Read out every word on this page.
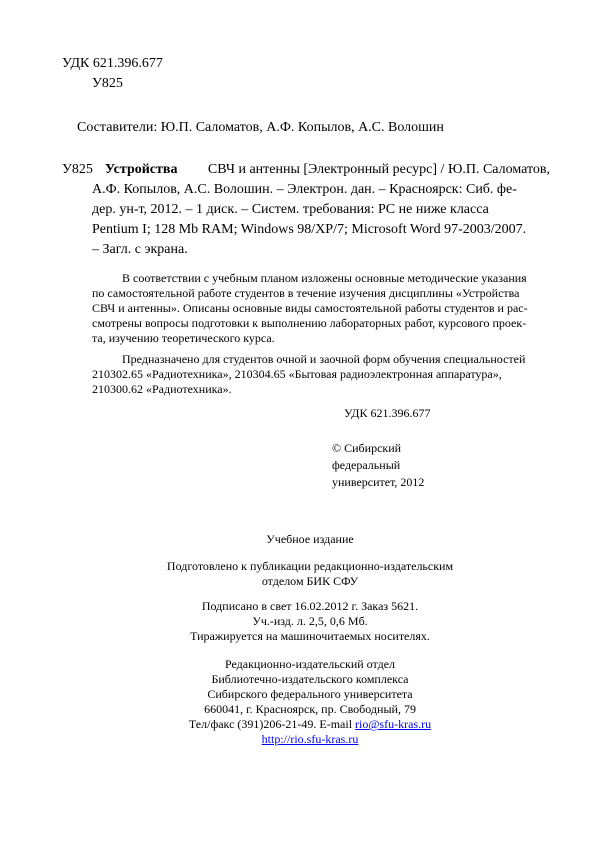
УДК 621.396.677
У825
Составители: Ю.П. Саломатов, А.Ф. Копылов, А.С. Волошин
У825 Устройства СВЧ и антенны [Электронный ресурс] / Ю.П. Саломатов,
А.Ф. Копылов, А.С. Волошин. – Электрон. дан. – Красноярск: Сиб. фе-
дер. ун-т, 2012. – 1 диск. – Систем. требования: PC не ниже класса
Pentium I; 128 Mb RAM; Windows 98/XP/7; Microsoft Word 97-2003/2007.
– Загл. с экрана.
В соответствии с учебным планом изложены основные методические указания
по самостоятельной работе студентов в течение изучения дисциплины «Устройства
СВЧ и антенны». Описаны основные виды самостоятельной работы студентов и рас-
смотрены вопросы подготовки к выполнению лабораторных работ, курсового проек-
та, изучению теоретического курса.
Предназначено для студентов очной и заочной форм обучения специальностей
210302.65 «Радиотехника», 210304.65 «Бытовая радиоэлектронная аппаратура»,
210300.62 «Радиотехника».
УДК 621.396.677
© Сибирский
федеральный
университет, 2012
Учебное издание
Подготовлено к публикации редакционно-издательским
отделом БИК СФУ
Подписано в свет 16.02.2012 г. Заказ 5621.
Уч.-изд. л. 2,5, 0,6 Мб.
Тиражируется на машиночитаемых носителях.
Редакционно-издательский отдел
Библиотечно-издательского комплекса
Сибирского федерального университета
660041, г. Красноярск, пр. Свободный, 79
Тел/факс (391)206-21-49. E-mail rio@sfu-kras.ru
http://rio.sfu-kras.ru
